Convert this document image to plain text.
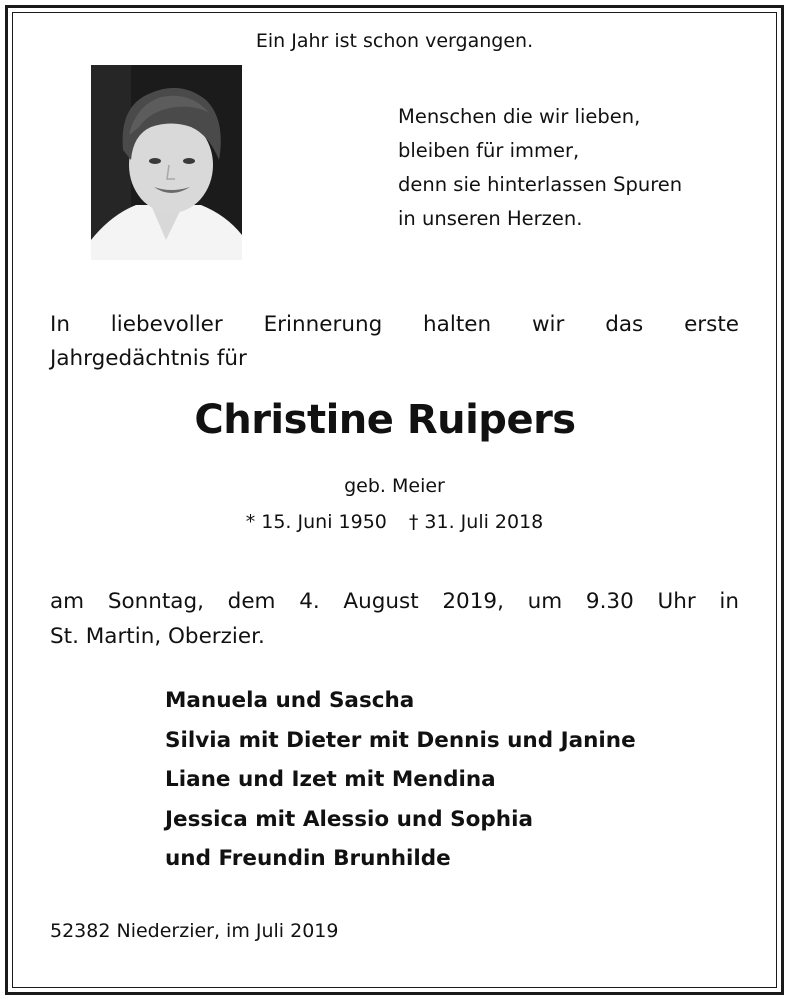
Ein Jahr ist schon vergangen.
Menschen die wir lieben,
bleiben für immer,
denn sie hinterlassen Spuren
in unseren Herzen.
In liebevoller Erinnerung halten wir das erste
Jahrgedächtnis für
Christine Ruipers
geb. Meier
* 15. Juni 1950 † 31. Juli 2018
am Sonntag, dem 4. August 2019, um 9.30 Uhr in
St. Martin, Oberzier.
Manuela und Sascha
Silvia mit Dieter mit Dennis und Janine
Liane und Izet mit Mendina
Jessica mit Alessio und Sophia
und Freundin Brunhilde
52382 Niederzier, im Juli 2019
